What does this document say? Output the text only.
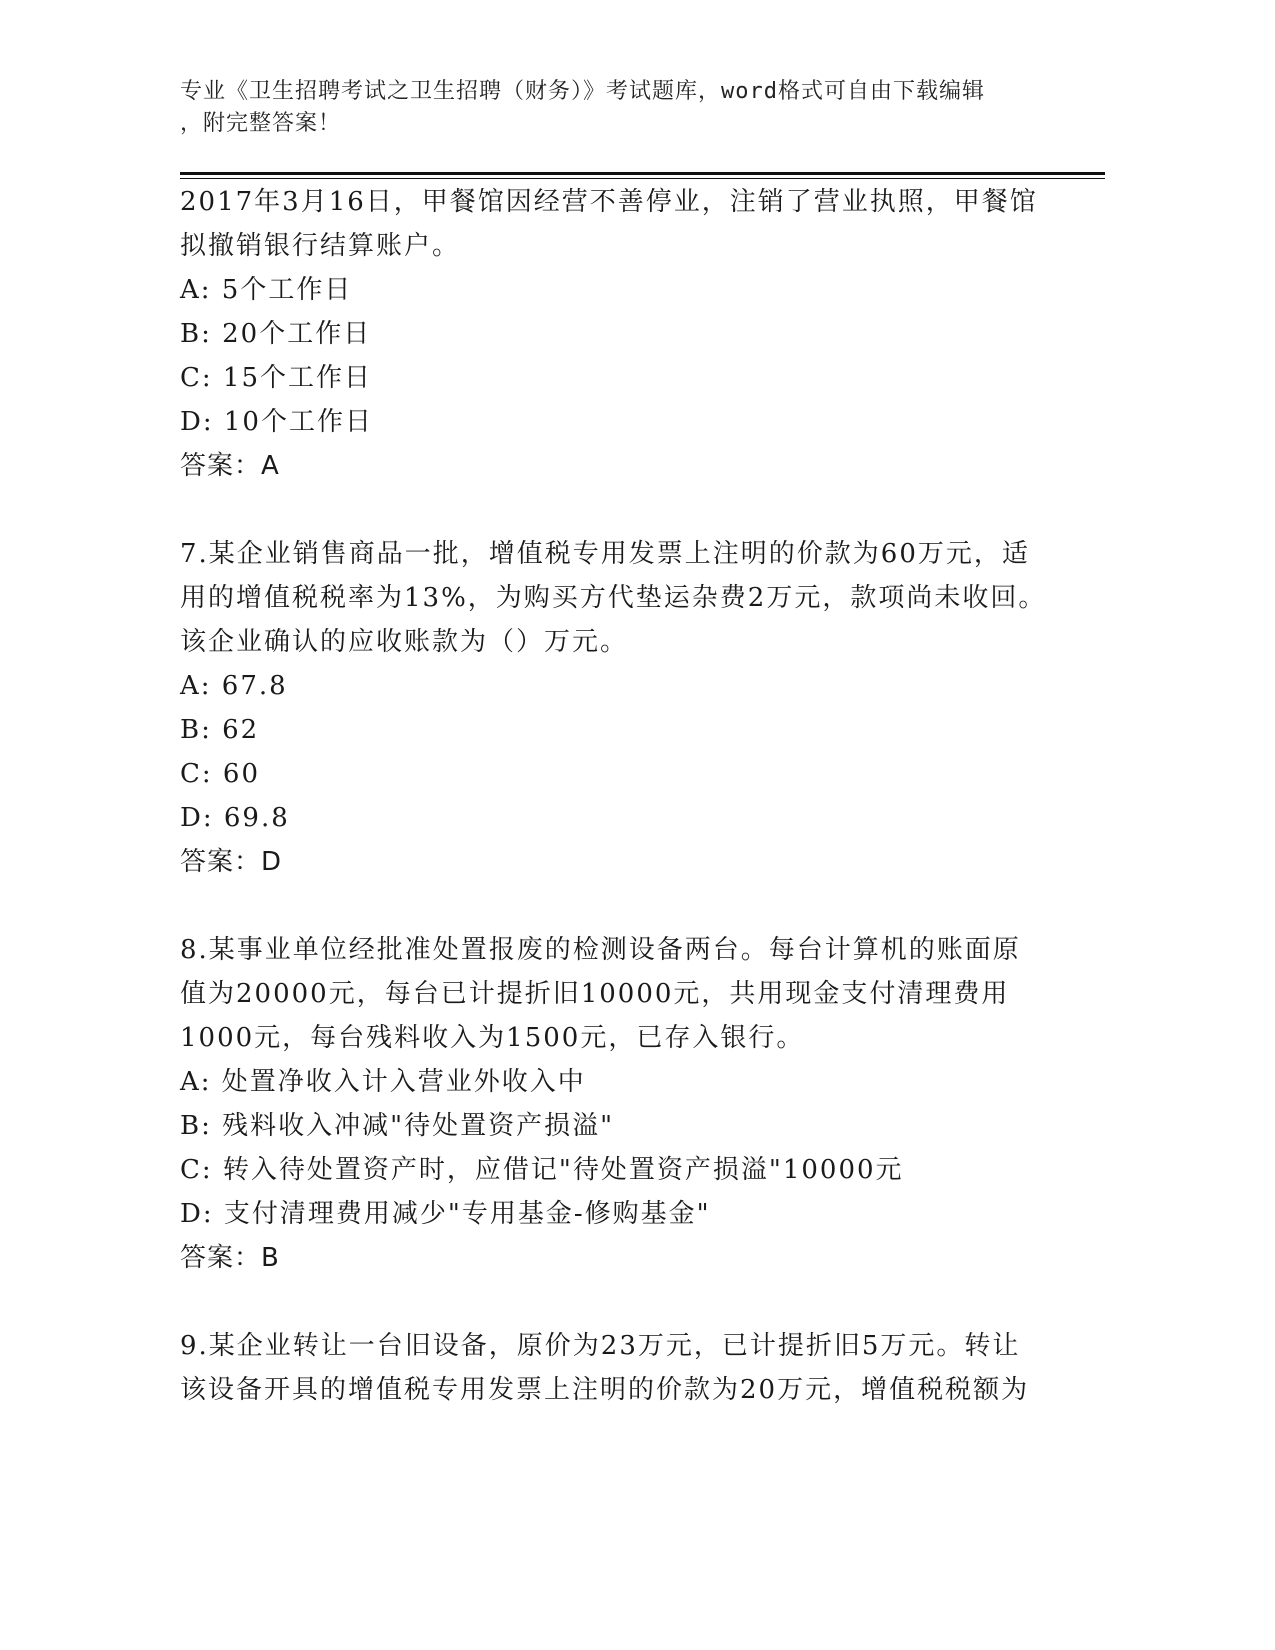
专业《卫生招聘考试之卫生招聘（财务）》考试题库，word格式可自由下载编辑
，附完整答案！
2017年3月16日，甲餐馆因经营不善停业，注销了营业执照，甲餐馆
拟撤销银行结算账户。
A: 5个工作日
B: 20个工作日
C: 15个工作日
D: 10个工作日
答案：A
7.某企业销售商品一批，增值税专用发票上注明的价款为60万元，适
用的增值税税率为13%，为购买方代垫运杂费2万元，款项尚未收回。
该企业确认的应收账款为（）万元。
A: 67.8
B: 62
C: 60
D: 69.8
答案：D
8.某事业单位经批准处置报废的检测设备两台。每台计算机的账面原
值为20000元，每台已计提折旧10000元，共用现金支付清理费用
1000元，每台残料收入为1500元，已存入银行。
A: 处置净收入计入营业外收入中
B: 残料收入冲减"待处置资产损溢"
C: 转入待处置资产时，应借记"待处置资产损溢"10000元
D: 支付清理费用减少"专用基金-修购基金"
答案：B
9.某企业转让一台旧设备，原价为23万元，已计提折旧5万元。转让
该设备开具的增值税专用发票上注明的价款为20万元，增值税税额为
